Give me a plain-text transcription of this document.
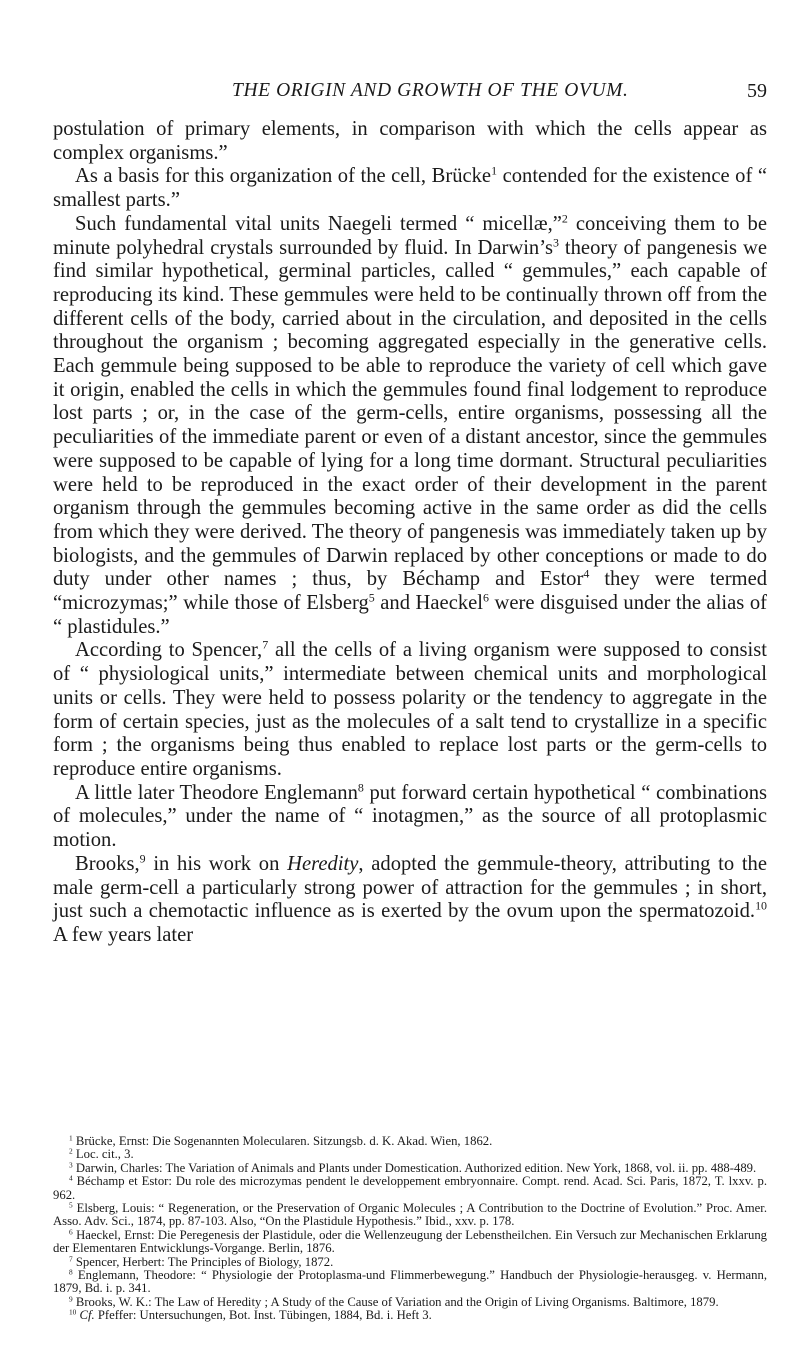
THE ORIGIN AND GROWTH OF THE OVUM.	59

postulation of primary elements, in comparison with which the cells appear as complex organisms.”

As a basis for this organization of the cell, Brücke$^1$ contended for the existence of “ smallest parts.”

Such fundamental vital units Naegeli termed “ micellæ,”$^2$ conceiving them to be minute polyhedral crystals surrounded by fluid. In $Darwin’s^3$ theory of pangenesis we find similar hypothetical, germinal particles, called “ gemmules,” each capable of reproducing its kind. These gemmules were held to be continually thrown off from the different cells of the body, carried about in the circulation, and deposited in the cells throughout the organism ; becoming aggregated especially in the generative cells. Each gemmule being supposed to be able to reproduce the variety of cell which gave it origin, enabled the cells in which the gemmules found final lodgement to reproduce lost parts ; or, in the case of the germ-cells, entire organisms, possessing all the peculiarities of the immediate parent or even of a distant ancestor, since the gemmules were supposed to be capable of lying for a long time dormant. Structural peculiarities were held to be reproduced in the exact order of their development in the parent organism through the gemmules becoming active in the same order as did the cells from which they were derived. The theory of pangenesis was immediately taken up by biologists, and the gemmules of Darwin replaced by other conceptions or made to do duty under other names ; thus, by Béchamp and Estor$^4$ they were termed “microzymas;” while those of Elsberg$^5$ and Haeckel$^6$ were disguised under the alias of “ plastidules.”

According to Spencer,$^7$ all the cells of a living organism were supposed to consist of “ physiological units,” intermediate between chemical units and morphological units or cells. They were held to possess polarity or the tendency to aggregate in the form of certain species, just as the molecules of a salt tend to crystallize in a specific form ; the organisms being thus enabled to replace lost parts or the germ-cells to reproduce entire organisms.

A little later Theodore Englemann$^8$ put forward certain hypothetical “ combinations of molecules,” under the name of “ inotagmen,” as the source of all protoplasmic motion.

Brooks,$^9$ in his work on Heredity, adopted the gemmule-theory, attributing to the male germ-cell a particularly strong power of attraction for the gemmules ; in short, just such a chemotactic influence as is exerted by the ovum upon the spermatozoid.$^{10}$ A few years later

$^1$ Brücke, Ernst: Die Sogenannten Molecularen. Sitzungsb. d. K. Akad. Wien, 1862.

$^2$ Loc. cit., 3.

$^3$ Darwin, Charles: The Variation of Animals and Plants under Domestication. Authorized edition. New York, 1868, vol. ii. pp. 488-489.

$^4$ Béchamp et Estor: Du role des microzymas pendent le developpement embryonnaire. Compt. rend. Acad. Sci. Paris, 1872, T. lxxv. p. 962.

$^5$ Elsberg, Louis: “ Regeneration, or the Preservation of Organic Molecules ; A Contribution to the Doctrine of Evolution.” Proc. Amer. Asso. Adv. Sci., 1874, pp. 87-103. Also, “On the Plastidule Hypothesis.” Ibid., xxv. p. 178.

$^6$ Haeckel, Ernst: Die Peregenesis der Plastidule, oder die Wellenzeugung der Lebenstheilchen. Ein Versuch zur Mechanischen Erklarung der Elementaren Entwicklungs-Vorgange. Berlin, 1876.

$^7$ Spencer, Herbert: The Principles of Biology, 1872.

$^8$ Englemann, Theodore: “ Physiologie der Protoplasma-und Flimmerbewegung.” Handbuch der Physiologie-herausgeg. v. Hermann, 1879, Bd. i. p. 341.

$^9$ Brooks, W. K.: The Law of Heredity ; A Study of the Cause of Variation and the Origin of Living Organisms. Baltimore, 1879.

$^{10}$ Cf. Pfeffer: Untersuchungen, Bot. Inst. Tübingen, 1884, Bd. i. Heft 3.
